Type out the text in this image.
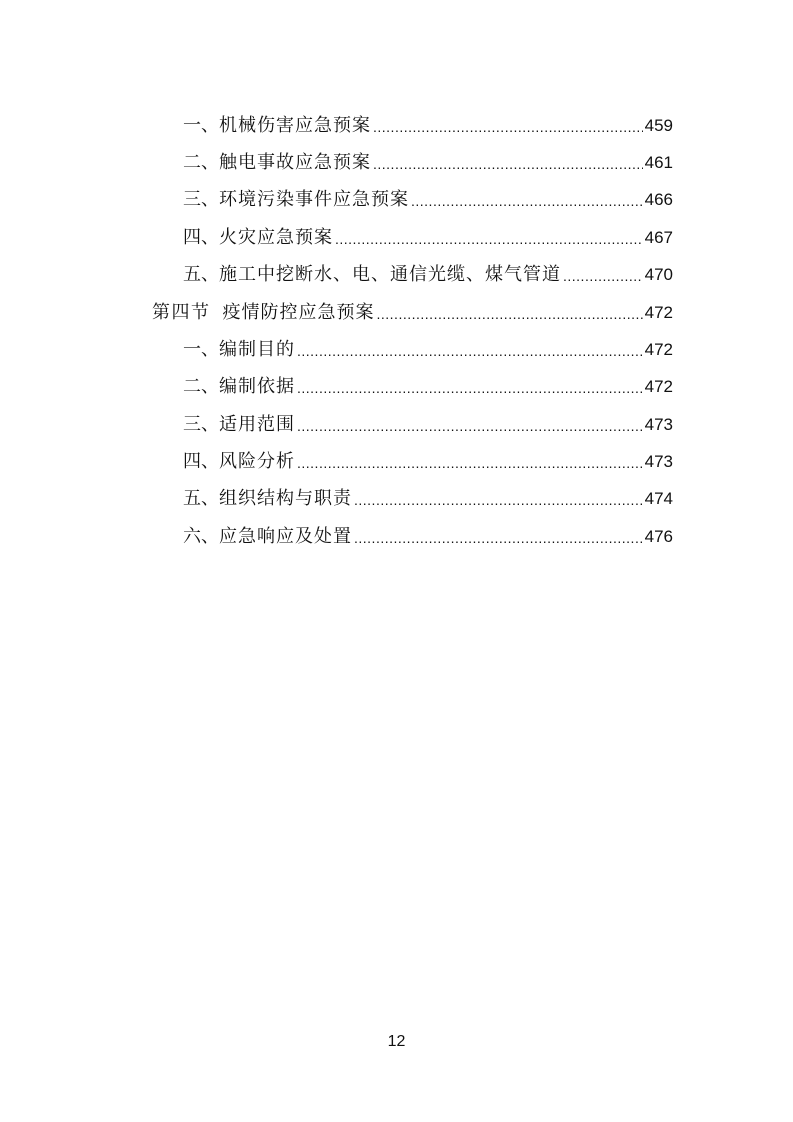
一、 机械伤害应急预案 .....	459
二、 触电事故应急预案 .....	461
三、 环境污染事件应急预案 .....	466
四、 火灾应急预案 .....	467
五、 施工中挖断水、电、通信光缆、煤气管道 .....	470
第四节 疫情防控应急预案 .....	472
一、 编制目的 .....	472
二、 编制依据 .....	472
三、 适用范围 .....	473
四、 风险分析 .....	473
五、 组织结构与职责 .....	474
六、 应急响应及处置 .....	476
12
